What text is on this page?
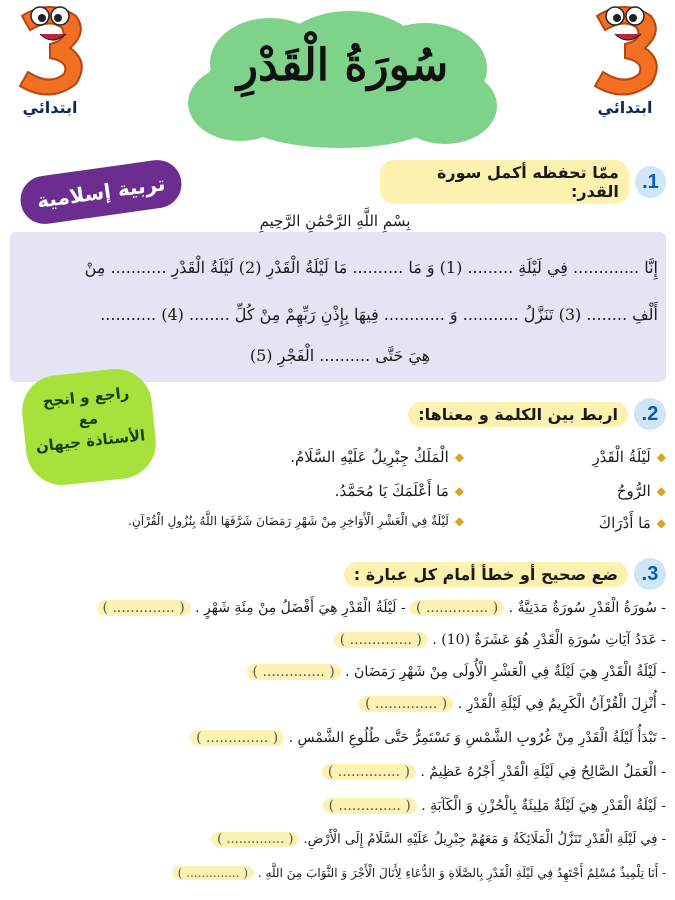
سُورَةُ الْقَدْرِ
ابتدائي	ابتدائي
تربية إسلامية	1.
ممّا تحفظه أكمل سورة القدر:
بِسْمِ اللَّهِ الرَّحْمَٰنِ الرَّحِيمِ
إِنَّا ............. فِي لَيْلَةِ ......... (1) وَ مَا .......... مَا لَيْلَةُ الْقَدْرِ (2) لَيْلَةُ الْقَدْرِ ........... مِنْ
أَلْفِ ........ (3) تَنَزَّلُ ........... وَ ............ فِيهَا بِإِذْنِ رَبِّهِمْ مِنْ كُلِّ ........ (4) ...........
هِيَ حَتَّى .......... الْفَجْرِ (5)
راجع و انجح
مع
الأستاذة جيهان
2.
اربط بين الكلمة و معناها:
◆
لَيْلَةُ الْقَدْرِ
◆
الرُّوحُ
◆
مَا أَدْرَاكَ
◆
الْمَلَكُ جِبْرِيلُ عَلَيْهِ السَّلَامُ.
◆
مَا أَعْلَمَكَ يَا مُحَمَّدُ.
◆
لَيْلَةٌ فِي الْعَشْرِ الْأَوَاخِرِ مِنْ شَهْرِ رَمَضَانَ شَرَّفَهَا اللَّهُ بِنُزُولِ الْقُرْآنِ.
3.
ضع صحيح أو خطأ أمام كل عبارة :
- سُورَةُ الْقَدْرِ سُورَةٌ مَدَنِيَّةٌ . ( .............. ) - لَيْلَةُ الْقَدْرِ هِيَ أَفْضَلُ مِنْ مِئَةِ شَهْرٍ . ( .............. )
- عَدَدُ آيَاتِ سُورَةِ الْقَدْرِ هُوَ عَشَرَةٌ (10) . ( .............. )
- لَيْلَةُ الْقَدْرِ هِيَ لَيْلَةٌ فِي الْعَشْرِ الْأُولَى مِنْ شَهْرِ رَمَضَانَ . ( .............. )
- أُنْزِلَ الْقُرْآنُ الْكَرِيمُ فِي لَيْلَةِ الْقَدْرِ . ( .............. )
- تَبْدَأُ لَيْلَةُ الْقَدْرِ مِنْ غُرُوبِ الشَّمْسِ وَ تَسْتَمِرُّ حَتَّى طُلُوعِ الشَّمْسِ . ( .............. )
- الْعَمَلُ الصَّالِحُ فِي لَيْلَةِ الْقَدْرِ أَجْرُهُ عَظِيمٌ . ( .............. )
- لَيْلَةُ الْقَدْرِ هِيَ لَيْلَةٌ مَلِيئَةٌ بِالْحُزْنِ وَ الْكَآبَةِ . ( .............. )
- فِي لَيْلَةِ الْقَدْرِ تَنَزَّلُ الْمَلَائِكَةُ وَ مَعَهُمْ جِبْرِيلُ عَلَيْهِ السَّلَامُ إِلَى الْأَرْضِ. ( .............. )
- أَنَا تِلْمِيذٌ مُسْلِمٌ أَجْتَهِدُ فِي لَيْلَةِ الْقَدْرِ بِالصَّلَاةِ وَ الدُّعَاءِ لِأَنَالَ الْأَجْرَ وَ الثَّوَابَ مِنَ اللَّهِ . ( .............. )
